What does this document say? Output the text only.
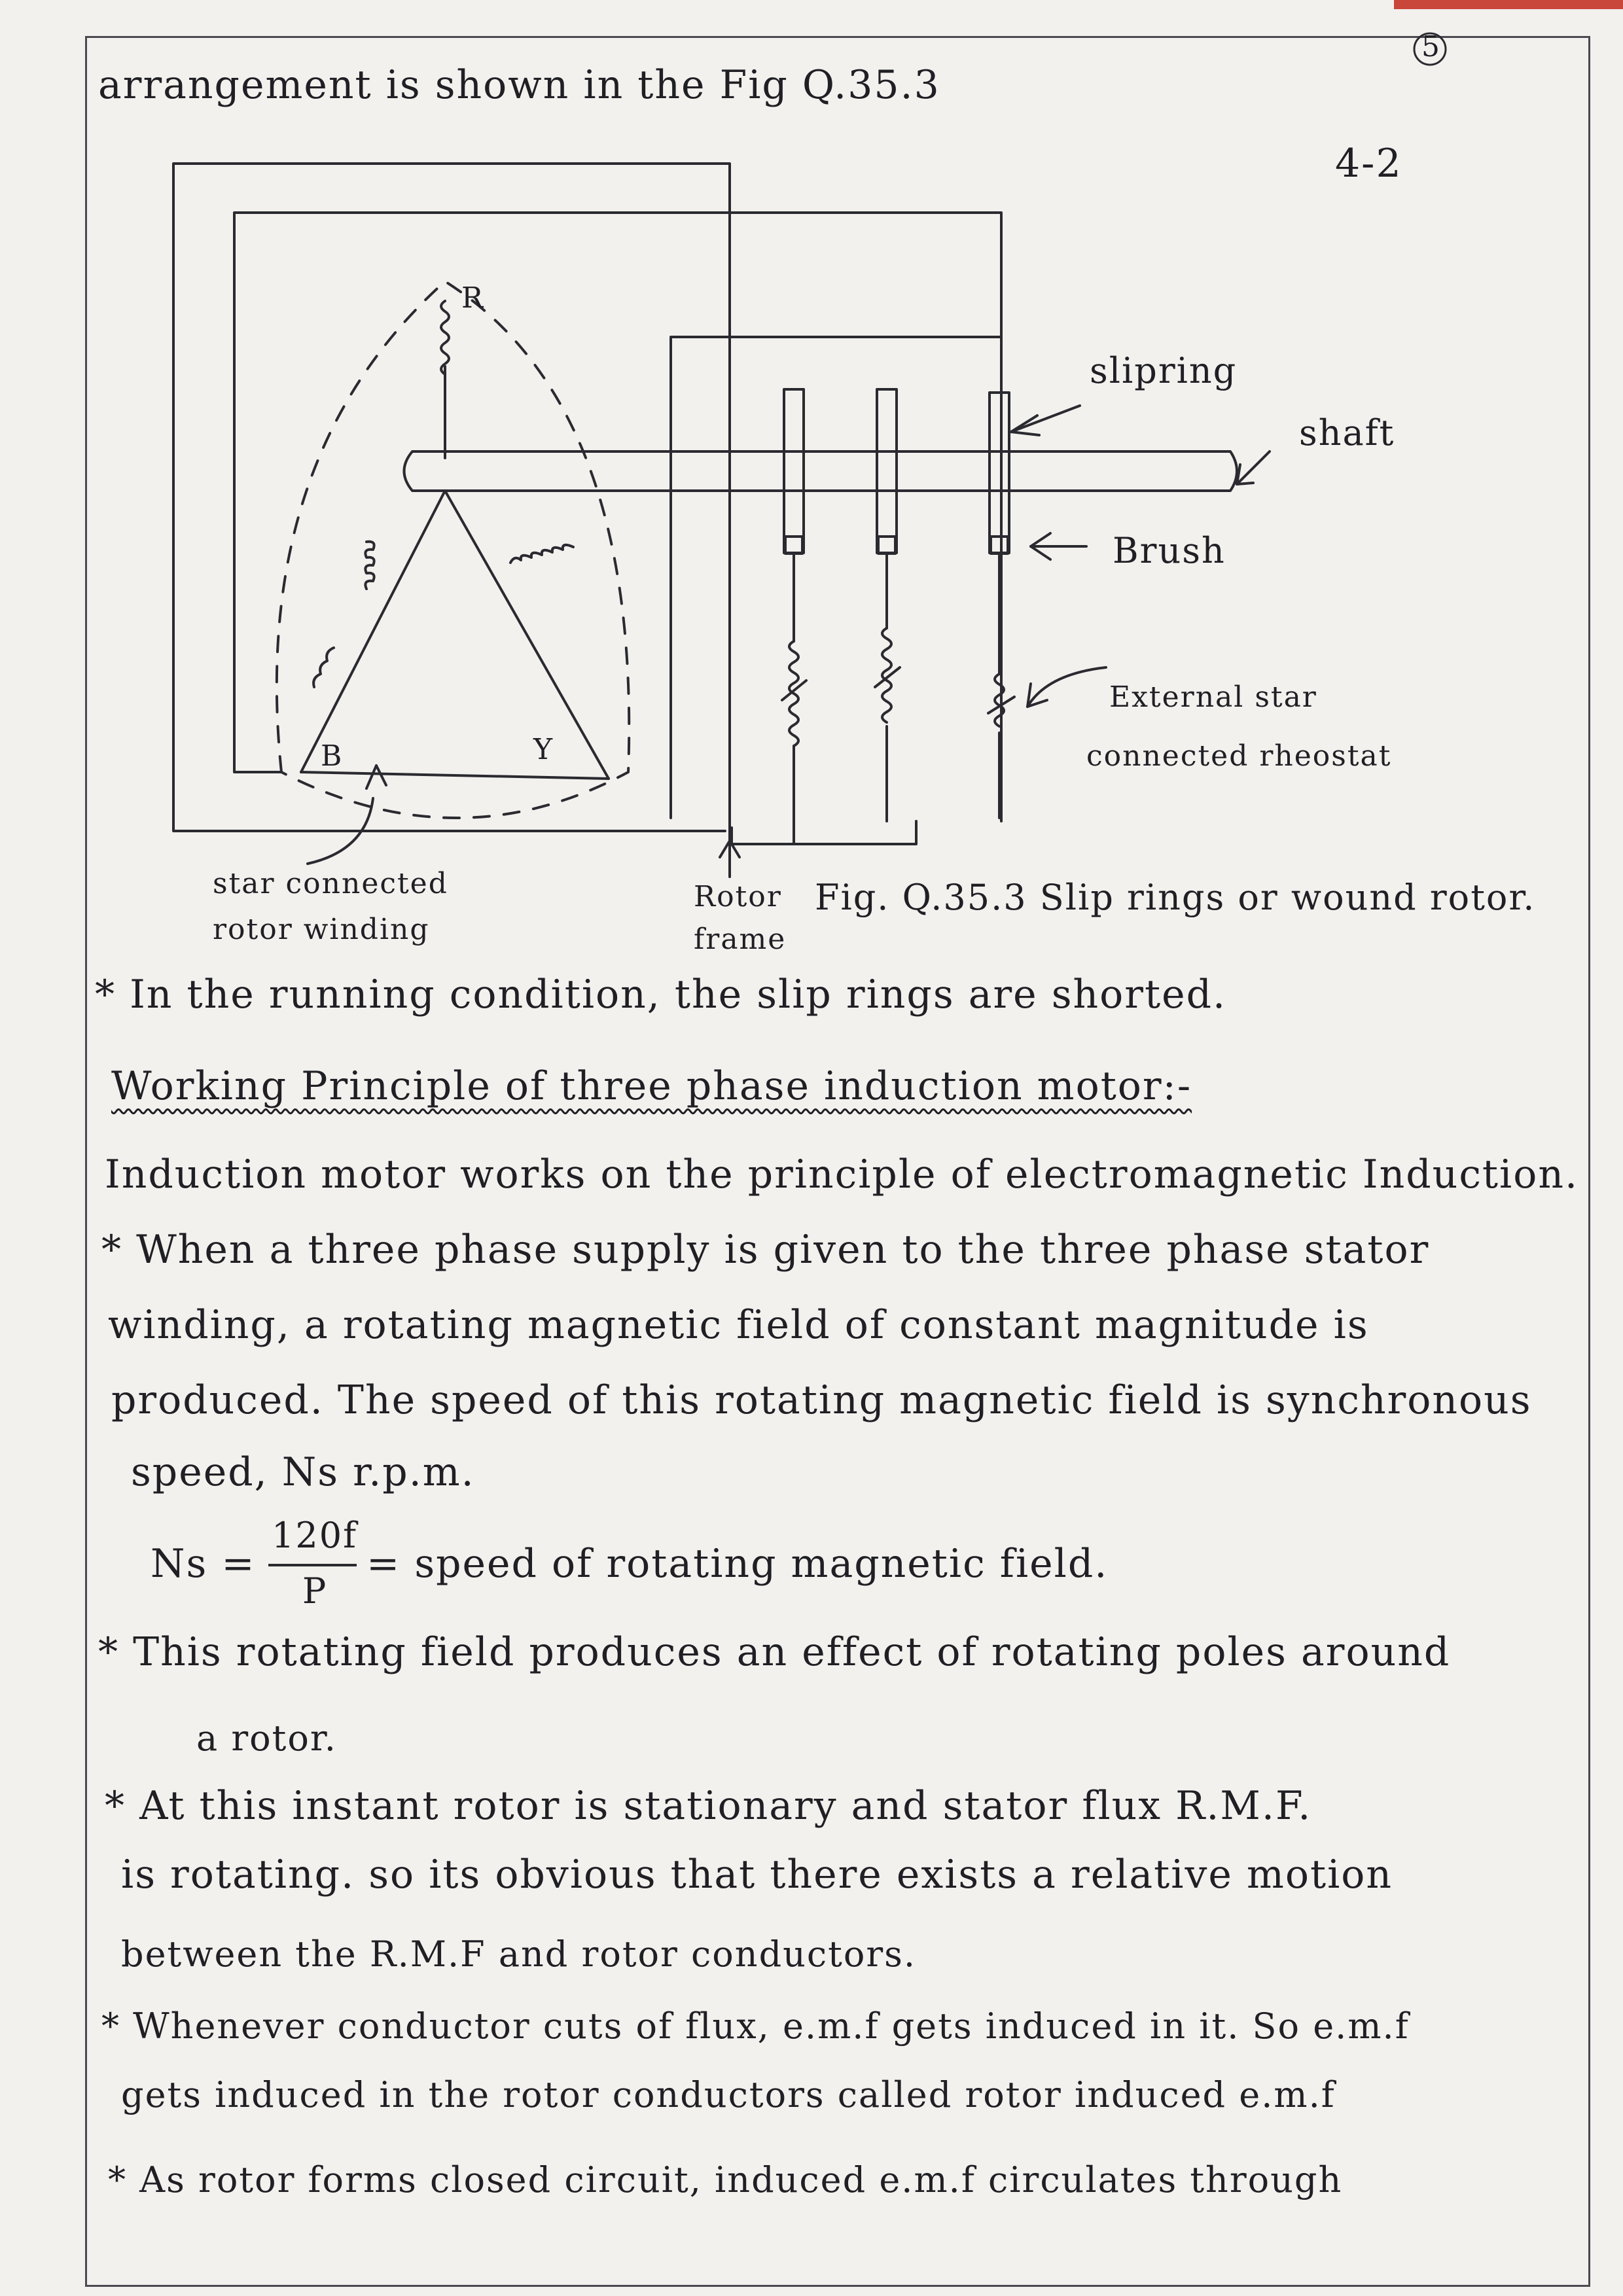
5
arrangement is shown in the Fig Q.35.3
4-2
slipring
shaft
Brush
External star
connected rheostat
R
B	Y
star connected
rotor winding
Rotor
frame
Fig. Q.35.3 Slip rings or wound rotor.
* In the running condition, the slip rings are shorted.
Working Principle of three phase induction motor:-
Induction motor works on the principle of electromagnetic Induction.
* When a three phase supply is given to the three phase stator
winding, a rotating magnetic field of constant magnitude is
produced. The speed of this rotating magnetic field is synchronous
speed, Ns r.p.m.
Ns =
120f
P
= speed of rotating magnetic field.
* This rotating field produces an effect of rotating poles around
a rotor.
* At this instant rotor is stationary and stator flux R.M.F.
is rotating. so its obvious that there exists a relative motion
between the R.M.F and rotor conductors.
* Whenever conductor cuts of flux, e.m.f gets induced in it. So e.m.f
gets induced in the rotor conductors called rotor induced e.m.f
* As rotor forms closed circuit, induced e.m.f circulates through
